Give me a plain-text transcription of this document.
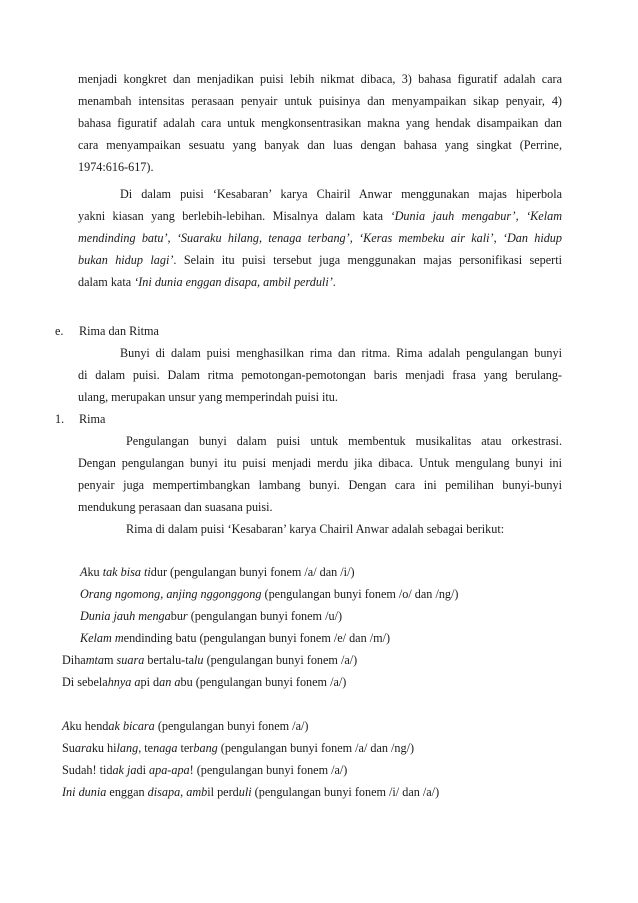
menjadi kongkret dan menjadikan puisi lebih nikmat dibaca, 3) bahasa figuratif adalah cara
menambah intensitas perasaan penyair untuk puisinya dan menyampaikan sikap penyair, 4)
bahasa figuratif adalah cara untuk mengkonsentrasikan makna yang hendak disampaikan dan
cara menyampaikan sesuatu yang banyak dan luas dengan bahasa yang singkat (Perrine,
1974:616-617).
Di dalam puisi ‘Kesabaran’ karya Chairil Anwar menggunakan majas hiperbola
yakni kiasan yang berlebih-lebihan. Misalnya dalam kata ‘Dunia jauh mengabur’, ‘Kelam
mendinding batu’, ‘Suaraku hilang, tenaga terbang’, ‘Keras membeku air kali’, ‘Dan hidup
bukan hidup lagi’. Selain itu puisi tersebut juga menggunakan majas personifikasi seperti
dalam kata ‘Ini dunia enggan disapa, ambil perduli’.
e. Rima dan Ritma
Bunyi di dalam puisi menghasilkan rima dan ritma. Rima adalah pengulangan bunyi
di dalam puisi. Dalam ritma pemotongan-pemotongan baris menjadi frasa yang berulang-
ulang, merupakan unsur yang memperindah puisi itu.
1. Rima
Pengulangan bunyi dalam puisi untuk membentuk musikalitas atau orkestrasi.
Dengan pengulangan bunyi itu puisi menjadi merdu jika dibaca. Untuk mengulang bunyi ini
penyair juga mempertimbangkan lambang bunyi. Dengan cara ini pemilihan bunyi-bunyi
mendukung perasaan dan suasana puisi.
Rima di dalam puisi ‘Kesabaran’ karya Chairil Anwar adalah sebagai berikut:
Aku tak bisa tidur (pengulangan bunyi fonem /a/ dan /i/)
Orang ngomong, anjing nggonggong (pengulangan bunyi fonem /o/ dan /ng/)
Dunia jauh mengabur (pengulangan bunyi fonem /u/)
Kelam mendinding batu (pengulangan bunyi fonem /e/ dan /m/)
Dihamtam suara bertalu-talu (pengulangan bunyi fonem /a/)
Di sebelahnya api dan abu (pengulangan bunyi fonem /a/)
Aku hendak bicara (pengulangan bunyi fonem /a/)
Suaraku hilang, tenaga terbang (pengulangan bunyi fonem /a/ dan /ng/)
Sudah! tidak jadi apa-apa! (pengulangan bunyi fonem /a/)
Ini dunia enggan disapa, ambil perduli (pengulangan bunyi fonem /i/ dan /a/)
